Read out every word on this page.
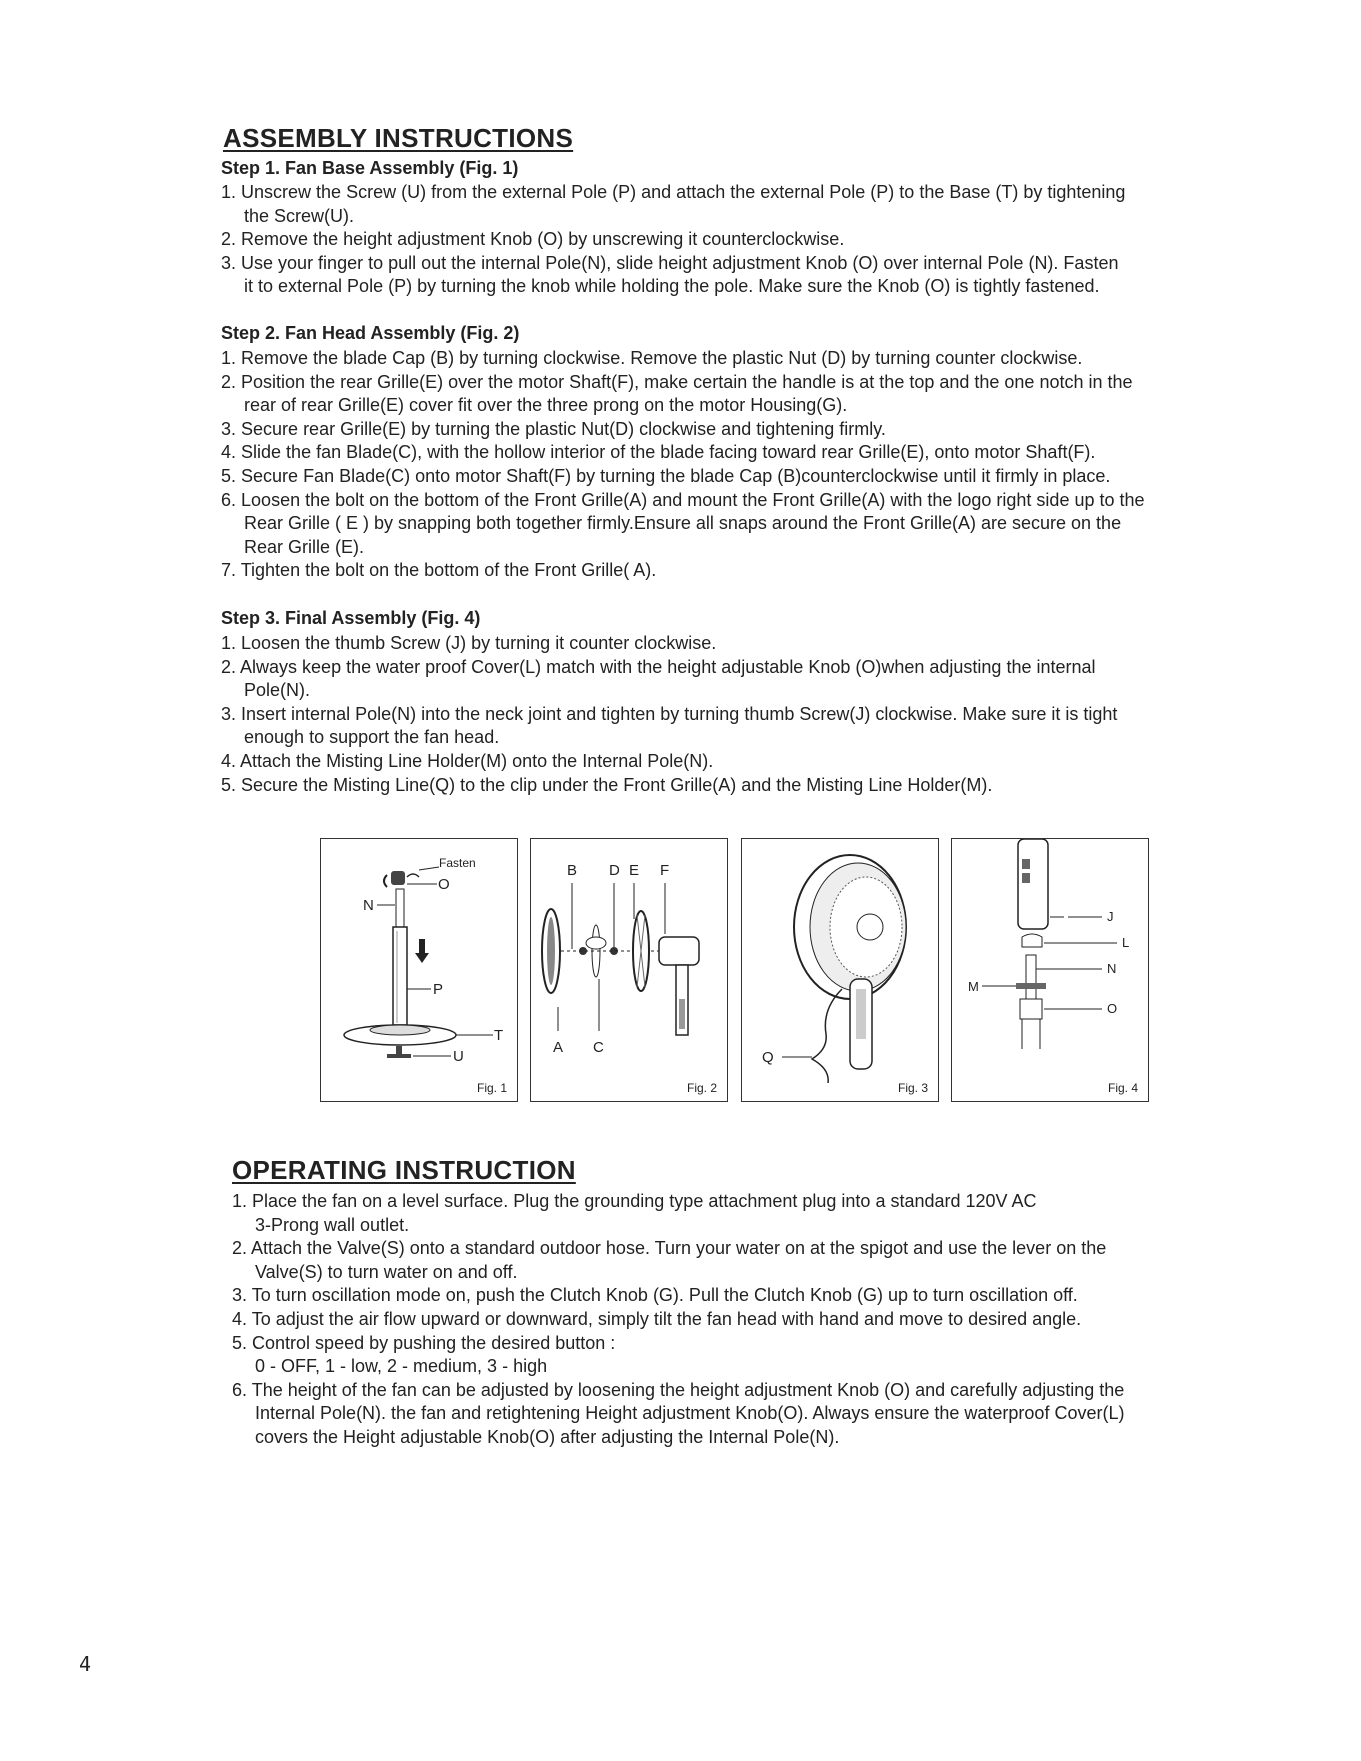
ASSEMBLY INSTRUCTIONS
Step 1. Fan Base Assembly (Fig. 1)
1. Unscrew the Screw (U) from the external Pole (P) and attach the external Pole (P) to the Base (T) by tightening
the Screw(U).
2. Remove the height adjustment Knob (O) by unscrewing it counterclockwise.
3. Use your finger to pull out the internal Pole(N), slide height adjustment Knob (O) over internal Pole (N). Fasten
it to external Pole (P) by turning the knob while holding the pole. Make sure the Knob (O) is tightly fastened.
Step 2. Fan Head Assembly (Fig. 2)
1. Remove the blade Cap (B) by turning clockwise. Remove the plastic Nut (D) by turning counter clockwise.
2. Position the rear Grille(E) over the motor Shaft(F), make certain the handle is at the top and the one notch in the
rear of rear Grille(E) cover fit over the three prong on the motor Housing(G).
3. Secure rear Grille(E) by turning the plastic Nut(D) clockwise and tightening firmly.
4. Slide the fan Blade(C), with the hollow interior of the blade facing toward rear Grille(E), onto motor Shaft(F).
5. Secure Fan Blade(C) onto motor Shaft(F) by turning the blade Cap (B)counterclockwise until it firmly in place.
6. Loosen the bolt on the bottom of the Front Grille(A) and mount the Front Grille(A) with the logo right side up to the
Rear Grille ( E ) by snapping both together firmly.Ensure all snaps around the Front Grille(A) are secure on the
Rear Grille (E).
7. Tighten the bolt on the bottom of the Front Grille( A).
Step 3. Final Assembly (Fig. 4)
1. Loosen the thumb Screw (J) by turning it counter clockwise.
2. Always keep the water proof Cover(L) match with the height adjustable Knob (O)when adjusting the internal
Pole(N).
3. Insert internal Pole(N) into the neck joint and tighten by turning thumb Screw(J) clockwise. Make sure it is tight
enough to support the fan head.
4. Attach the Misting Line Holder(M) onto the Internal Pole(N).
5. Secure the Misting Line(Q) to the clip under the Front Grille(A) and the Misting Line Holder(M).
Fasten
O
N
P
T
U
Fig. 1
B D E F
A C
Fig. 2
Q
Fig. 3
J
L
N
M
O
Fig. 4
OPERATING INSTRUCTION
1. Place the fan on a level surface. Plug the grounding type attachment plug into a standard 120V AC
3-Prong wall outlet.
2. Attach the Valve(S) onto a standard outdoor hose. Turn your water on at the spigot and use the lever on the
Valve(S) to turn water on and off.
3. To turn oscillation mode on, push the Clutch Knob (G). Pull the Clutch Knob (G) up to turn oscillation off.
4. To adjust the air flow upward or downward, simply tilt the fan head with hand and move to desired angle.
5. Control speed by pushing the desired button :
0 - OFF, 1 - low, 2 - medium, 3 - high
6. The height of the fan can be adjusted by loosening the height adjustment Knob (O) and carefully adjusting the
Internal Pole(N). the fan and retightening Height adjustment Knob(O). Always ensure the waterproof Cover(L)
covers the Height adjustable Knob(O) after adjusting the Internal Pole(N).
4
